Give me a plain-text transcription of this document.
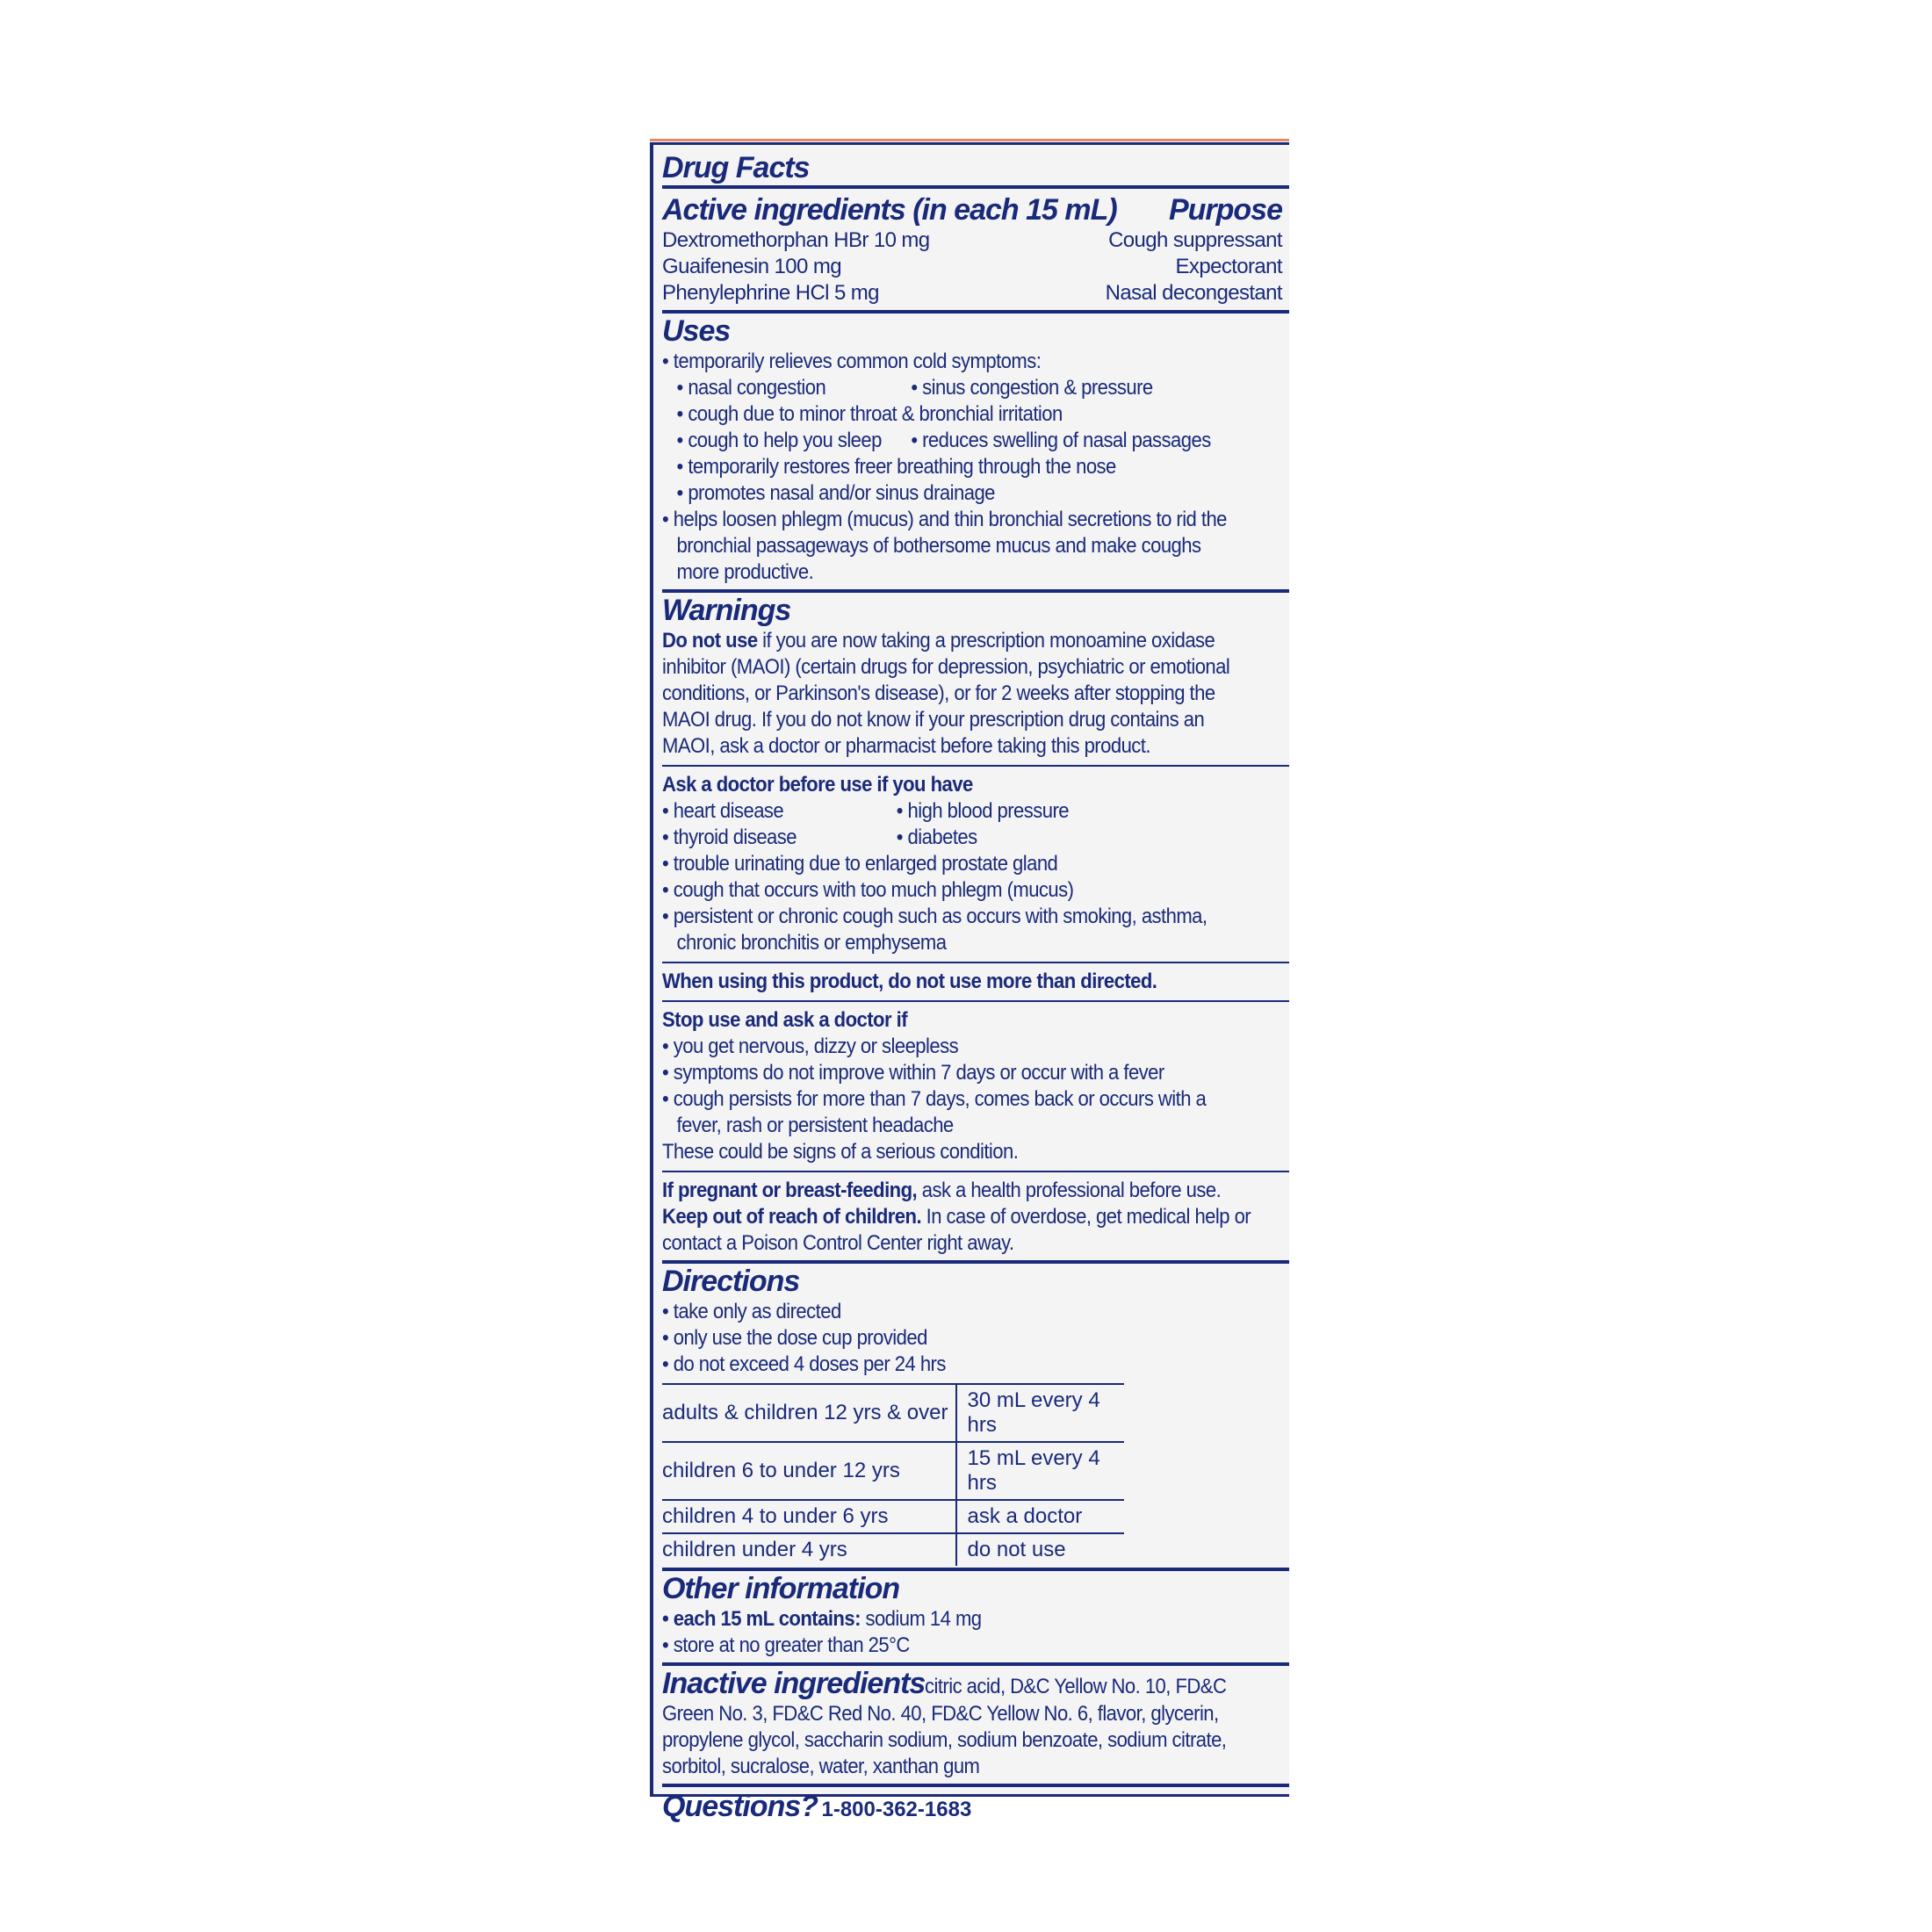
Drug Facts
Active ingredients (in each 15 mL) Purpose
Dextromethorphan HBr 10 mg	Cough suppressant
Guaifenesin 100 mg	Expectorant
Phenylephrine HCl 5 mg	Nasal decongestant
Uses
• temporarily relieves common cold symptoms:
• nasal congestion	• sinus congestion & pressure
• cough due to minor throat & bronchial irritation
• cough to help you sleep	• reduces swelling of nasal passages
• temporarily restores freer breathing through the nose
• promotes nasal and/or sinus drainage
• helps loosen phlegm (mucus) and thin bronchial secretions to rid the
bronchial passageways of bothersome mucus and make coughs
more productive.
Warnings
Do not use if you are now taking a prescription monoamine oxidase
inhibitor (MAOI) (certain drugs for depression, psychiatric or emotional
conditions, or Parkinson's disease), or for 2 weeks after stopping the
MAOI drug. If you do not know if your prescription drug contains an
MAOI, ask a doctor or pharmacist before taking this product.
Ask a doctor before use if you have
• heart disease	• high blood pressure
• thyroid disease	• diabetes
• trouble urinating due to enlarged prostate gland
• cough that occurs with too much phlegm (mucus)
• persistent or chronic cough such as occurs with smoking, asthma,
chronic bronchitis or emphysema
When using this product, do not use more than directed.
Stop use and ask a doctor if
• you get nervous, dizzy or sleepless
• symptoms do not improve within 7 days or occur with a fever
• cough persists for more than 7 days, comes back or occurs with a
fever, rash or persistent headache
These could be signs of a serious condition.
If pregnant or breast-feeding, ask a health professional before use.
Keep out of reach of children. In case of overdose, get medical help or
contact a Poison Control Center right away.
Directions
• take only as directed
• only use the dose cup provided
• do not exceed 4 doses per 24 hrs
adults & children 12 yrs & over	30 mL every 4 hrs
children 6 to under 12 yrs	15 mL every 4 hrs
children 4 to under 6 yrs	ask a doctor
children under 4 yrs	do not use
Other information
• each 15 mL contains: sodium 14 mg
• store at no greater than 25°C
Inactive ingredientscitric acid, D&C Yellow No. 10, FD&C
Green No. 3, FD&C Red No. 40, FD&C Yellow No. 6, flavor, glycerin,
propylene glycol, saccharin sodium, sodium benzoate, sodium citrate,
sorbitol, sucralose, water, xanthan gum
Questions? 1-800-362-1683
